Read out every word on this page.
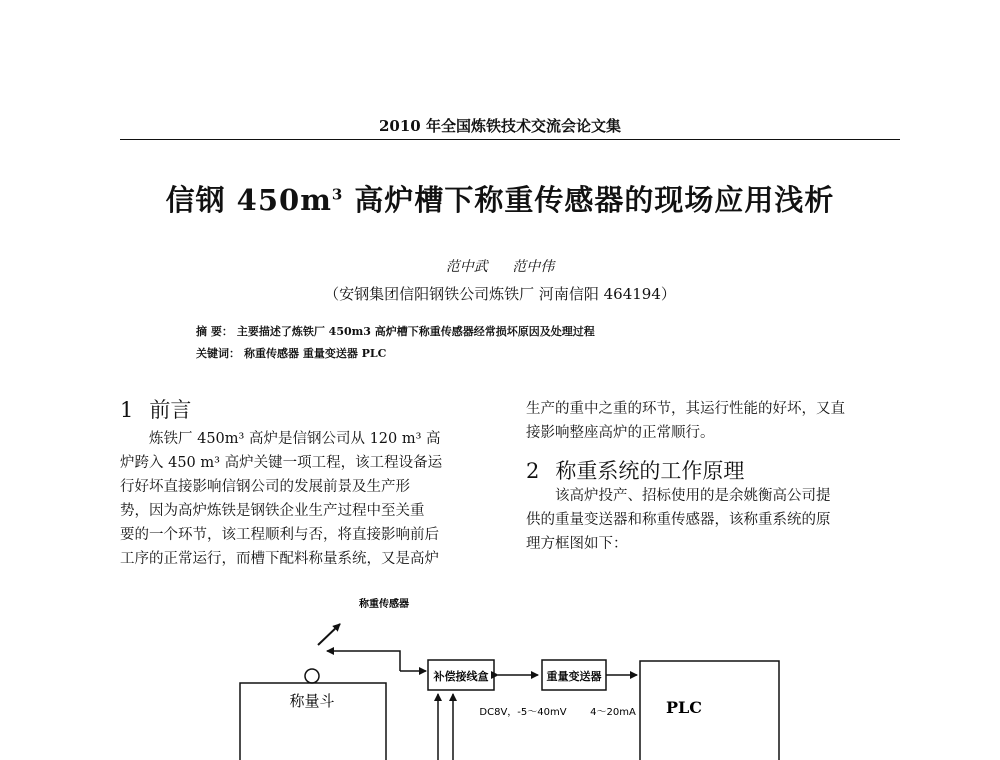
2010 年全国炼铁技术交流会论文集
信钢 $450m^3$ 高炉槽下称重传感器的现场应用浅析
范中武 范中伟
（安钢集团信阳钢铁公司炼铁厂 河南信阳 464194）
摘 要： 主要描述了炼铁厂 450m3 高炉槽下称重传感器经常损坏原因及处理过程
关键词： 称重传感器 重量变送器 PLC
1 前言

炼铁厂 450m³ 高炉是信钢公司从 120 m³ 高

炉跨入 450 m³ 高炉关键一项工程，该工程设备运

行好坏直接影响信钢公司的发展前景及生产形

势，因为高炉炼铁是钢铁企业生产过程中至关重

要的一个环节，该工程顺利与否，将直接影响前后

工序的正常运行，而槽下配料称量系统，又是高炉

生产的重中之重的环节，其运行性能的好坏，又直

接影响整座高炉的正常顺行。

2 称重系统的工作原理

该高炉投产、招标使用的是余姚衡高公司提

供的重量变送器和称重传感器，该称重系统的原

理方框图如下：

称重传感器
称量斗
补偿接线盒	重量变送器
PLC
DC8V，-5～40mV 4～20mA
